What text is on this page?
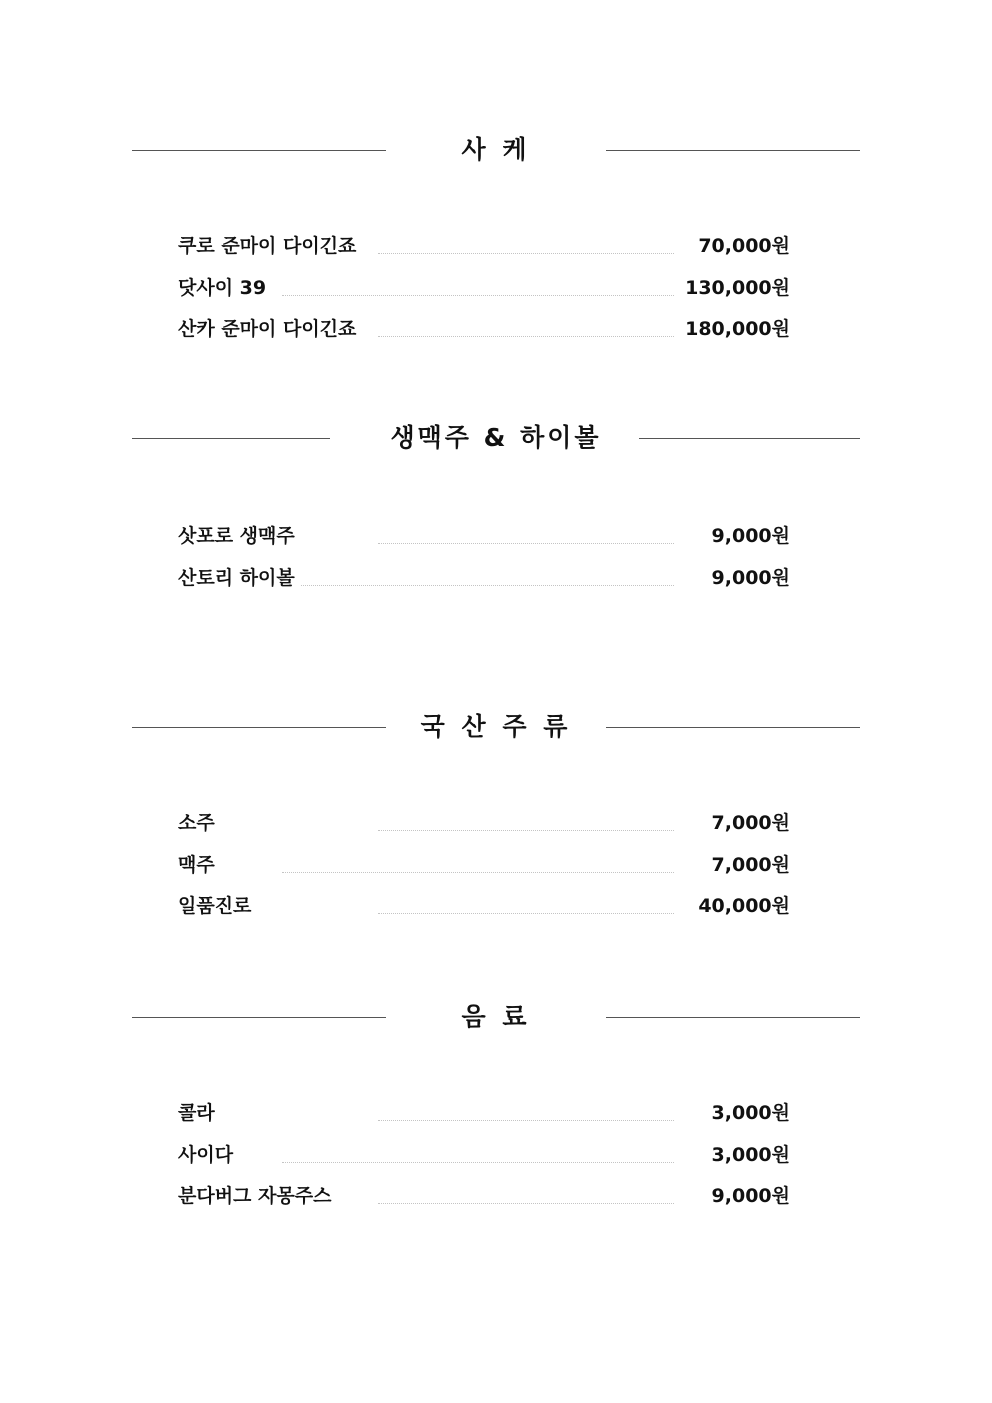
사 케
쿠로 준마이 다이긴죠	70,000원
닷사이 39	130,000원
산카 준마이 다이긴죠	180,000원
생맥주 & 하이볼
삿포로 생맥주	9,000원
산토리 하이볼	9,000원
국 산 주 류
소주	7,000원
맥주	7,000원
일품진로	40,000원
음 료
콜라	3,000원
사이다	3,000원
분다버그 자몽주스	9,000원
